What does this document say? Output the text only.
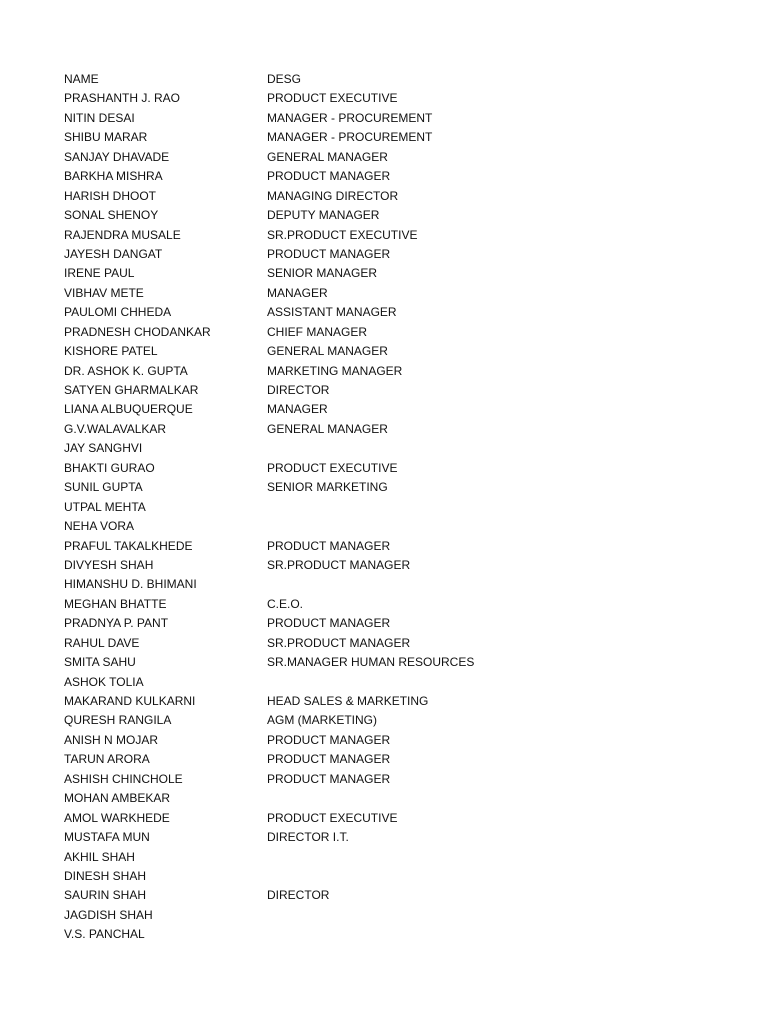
NAME	DESG
PRASHANTH J. RAO	PRODUCT EXECUTIVE
NITIN DESAI	MANAGER - PROCUREMENT
SHIBU MARAR	MANAGER - PROCUREMENT
SANJAY DHAVADE	GENERAL MANAGER
BARKHA MISHRA	PRODUCT MANAGER
HARISH DHOOT	MANAGING DIRECTOR
SONAL SHENOY	DEPUTY MANAGER
RAJENDRA MUSALE	SR.PRODUCT EXECUTIVE
JAYESH DANGAT	PRODUCT MANAGER
IRENE PAUL	SENIOR MANAGER
VIBHAV METE	MANAGER
PAULOMI CHHEDA	ASSISTANT MANAGER
PRADNESH CHODANKAR	CHIEF MANAGER
KISHORE PATEL	GENERAL MANAGER
DR. ASHOK K. GUPTA	MARKETING MANAGER
SATYEN GHARMALKAR	DIRECTOR
LIANA ALBUQUERQUE	MANAGER
G.V.WALAVALKAR	GENERAL MANAGER
JAY SANGHVI
BHAKTI GURAO	PRODUCT EXECUTIVE
SUNIL GUPTA	SENIOR MARKETING
UTPAL MEHTA
NEHA VORA
PRAFUL TAKALKHEDE	PRODUCT MANAGER
DIVYESH SHAH	SR.PRODUCT MANAGER
HIMANSHU D. BHIMANI
MEGHAN BHATTE	C.E.O.
PRADNYA P. PANT	PRODUCT MANAGER
RAHUL DAVE	SR.PRODUCT MANAGER
SMITA SAHU	SR.MANAGER HUMAN RESOURCES
ASHOK TOLIA
MAKARAND KULKARNI	HEAD SALES & MARKETING
QURESH RANGILA	AGM (MARKETING)
ANISH N MOJAR	PRODUCT MANAGER
TARUN ARORA	PRODUCT MANAGER
ASHISH CHINCHOLE	PRODUCT MANAGER
MOHAN AMBEKAR
AMOL WARKHEDE	PRODUCT EXECUTIVE
MUSTAFA MUN	DIRECTOR I.T.
AKHIL SHAH
DINESH SHAH
SAURIN SHAH	DIRECTOR
JAGDISH SHAH
V.S. PANCHAL
